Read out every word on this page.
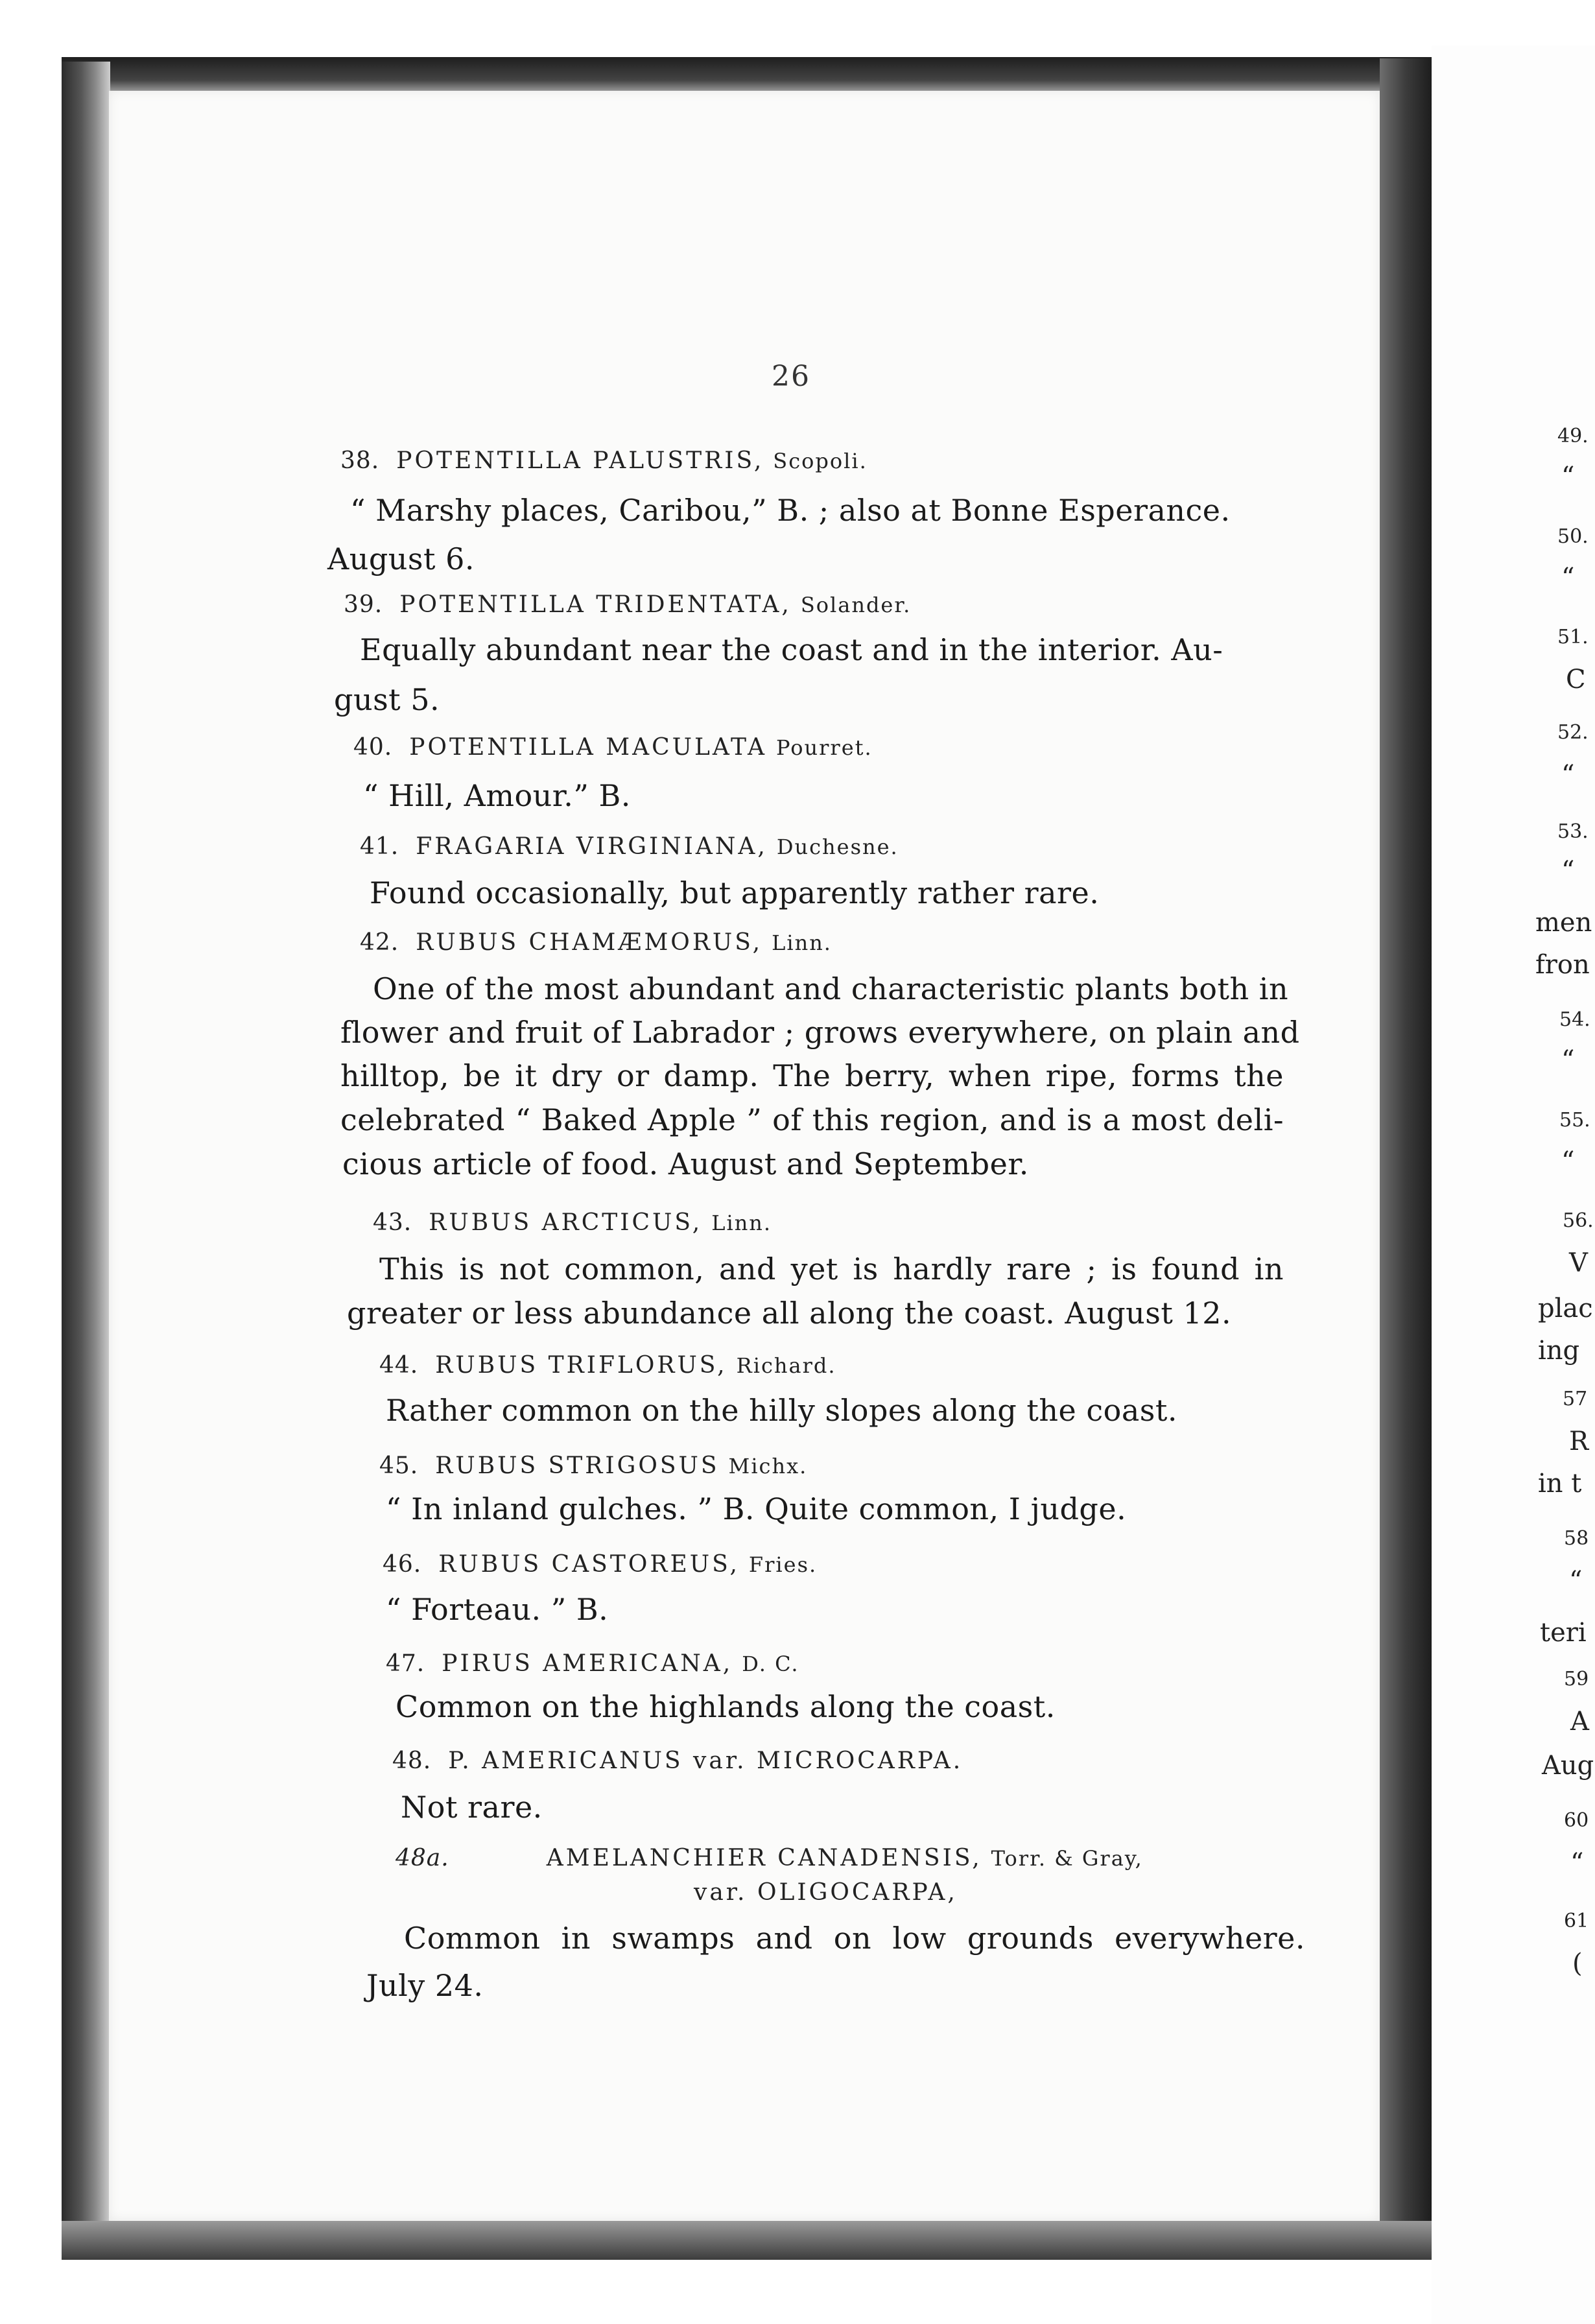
26
38. POTENTILLA PALUSTRIS, Scopoli.
“ Marshy places, Caribou,” B. ; also at Bonne Esperance.
August 6.
39. POTENTILLA TRIDENTATA, Solander.
Equally abundant near the coast and in the interior. Au-
gust 5.
40. POTENTILLA MACULATA Pourret.
“ Hill, Amour.” B.
41. FRAGARIA VIRGINIANA, Duchesne.
Found occasionally, but apparently rather rare.
42. RUBUS CHAMÆMORUS, Linn.
One of the most abundant and characteristic plants both in
flower and fruit of Labrador ; grows everywhere, on plain and
hilltop, be it dry or damp. The berry, when ripe, forms the
celebrated “ Baked Apple ” of this region, and is a most deli-
cious article of food. August and September.
43. RUBUS ARCTICUS, Linn.
This is not common, and yet is hardly rare ; is found in
greater or less abundance all along the coast. August 12.
44. RUBUS TRIFLORUS, Richard.
Rather common on the hilly slopes along the coast.
45. RUBUS STRIGOSUS Michx.
“ In inland gulches. ” B. Quite common, I judge.
46. RUBUS CASTOREUS, Fries.
“ Forteau. ” B.
47. PIRUS AMERICANA, D. C.
Common on the highlands along the coast.
48. P. AMERICANUS var. MICROCARPA.
Not rare.
48a.	AMELANCHIER CANADENSIS, Torr. & Gray,
var. OLIGOCARPA,
Common in swamps and on low grounds everywhere.
July 24.
49.
“
50.
“
51.
C
52.
“
53.
“
men
fron
54.
“
55.
“
56.
V
plac
ing
57
R
in t
58
“
teri
59
A
Aug
60
“
61
(
